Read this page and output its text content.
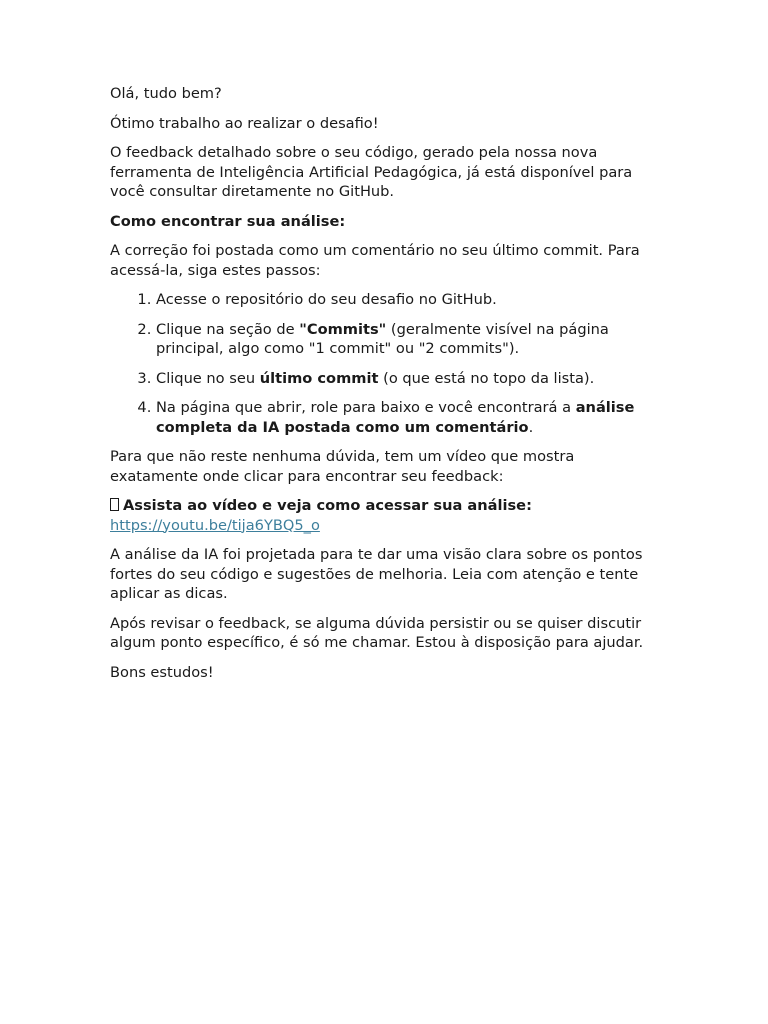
Olá, tudo bem?

Ótimo trabalho ao realizar o desafio!

O feedback detalhado sobre o seu código, gerado pela nossa nova ferramenta de Inteligência Artificial Pedagógica, já está disponível para você consultar diretamente no GitHub.

Como encontrar sua análise:

A correção foi postada como um comentário no seu último commit. Para acessá-la, siga estes passos:

1. Acesse o repositório do seu desafio no GitHub.
2. Clique na seção de "Commits" (geralmente visível na página principal, algo como "1 commit" ou "2 commits").
3. Clique no seu último commit (o que está no topo da lista).
4. Na página que abrir, role para baixo e você encontrará a análise completa da IA postada como um comentário.

Para que não reste nenhuma dúvida, tem um vídeo que mostra exatamente onde clicar para encontrar seu feedback:

Assista ao vídeo e veja como acessar sua análise:
https://youtu.be/tija6YBQ5_o

A análise da IA foi projetada para te dar uma visão clara sobre os pontos fortes do seu código e sugestões de melhoria. Leia com atenção e tente aplicar as dicas.

Após revisar o feedback, se alguma dúvida persistir ou se quiser discutir algum ponto específico, é só me chamar. Estou à disposição para ajudar.

Bons estudos!
